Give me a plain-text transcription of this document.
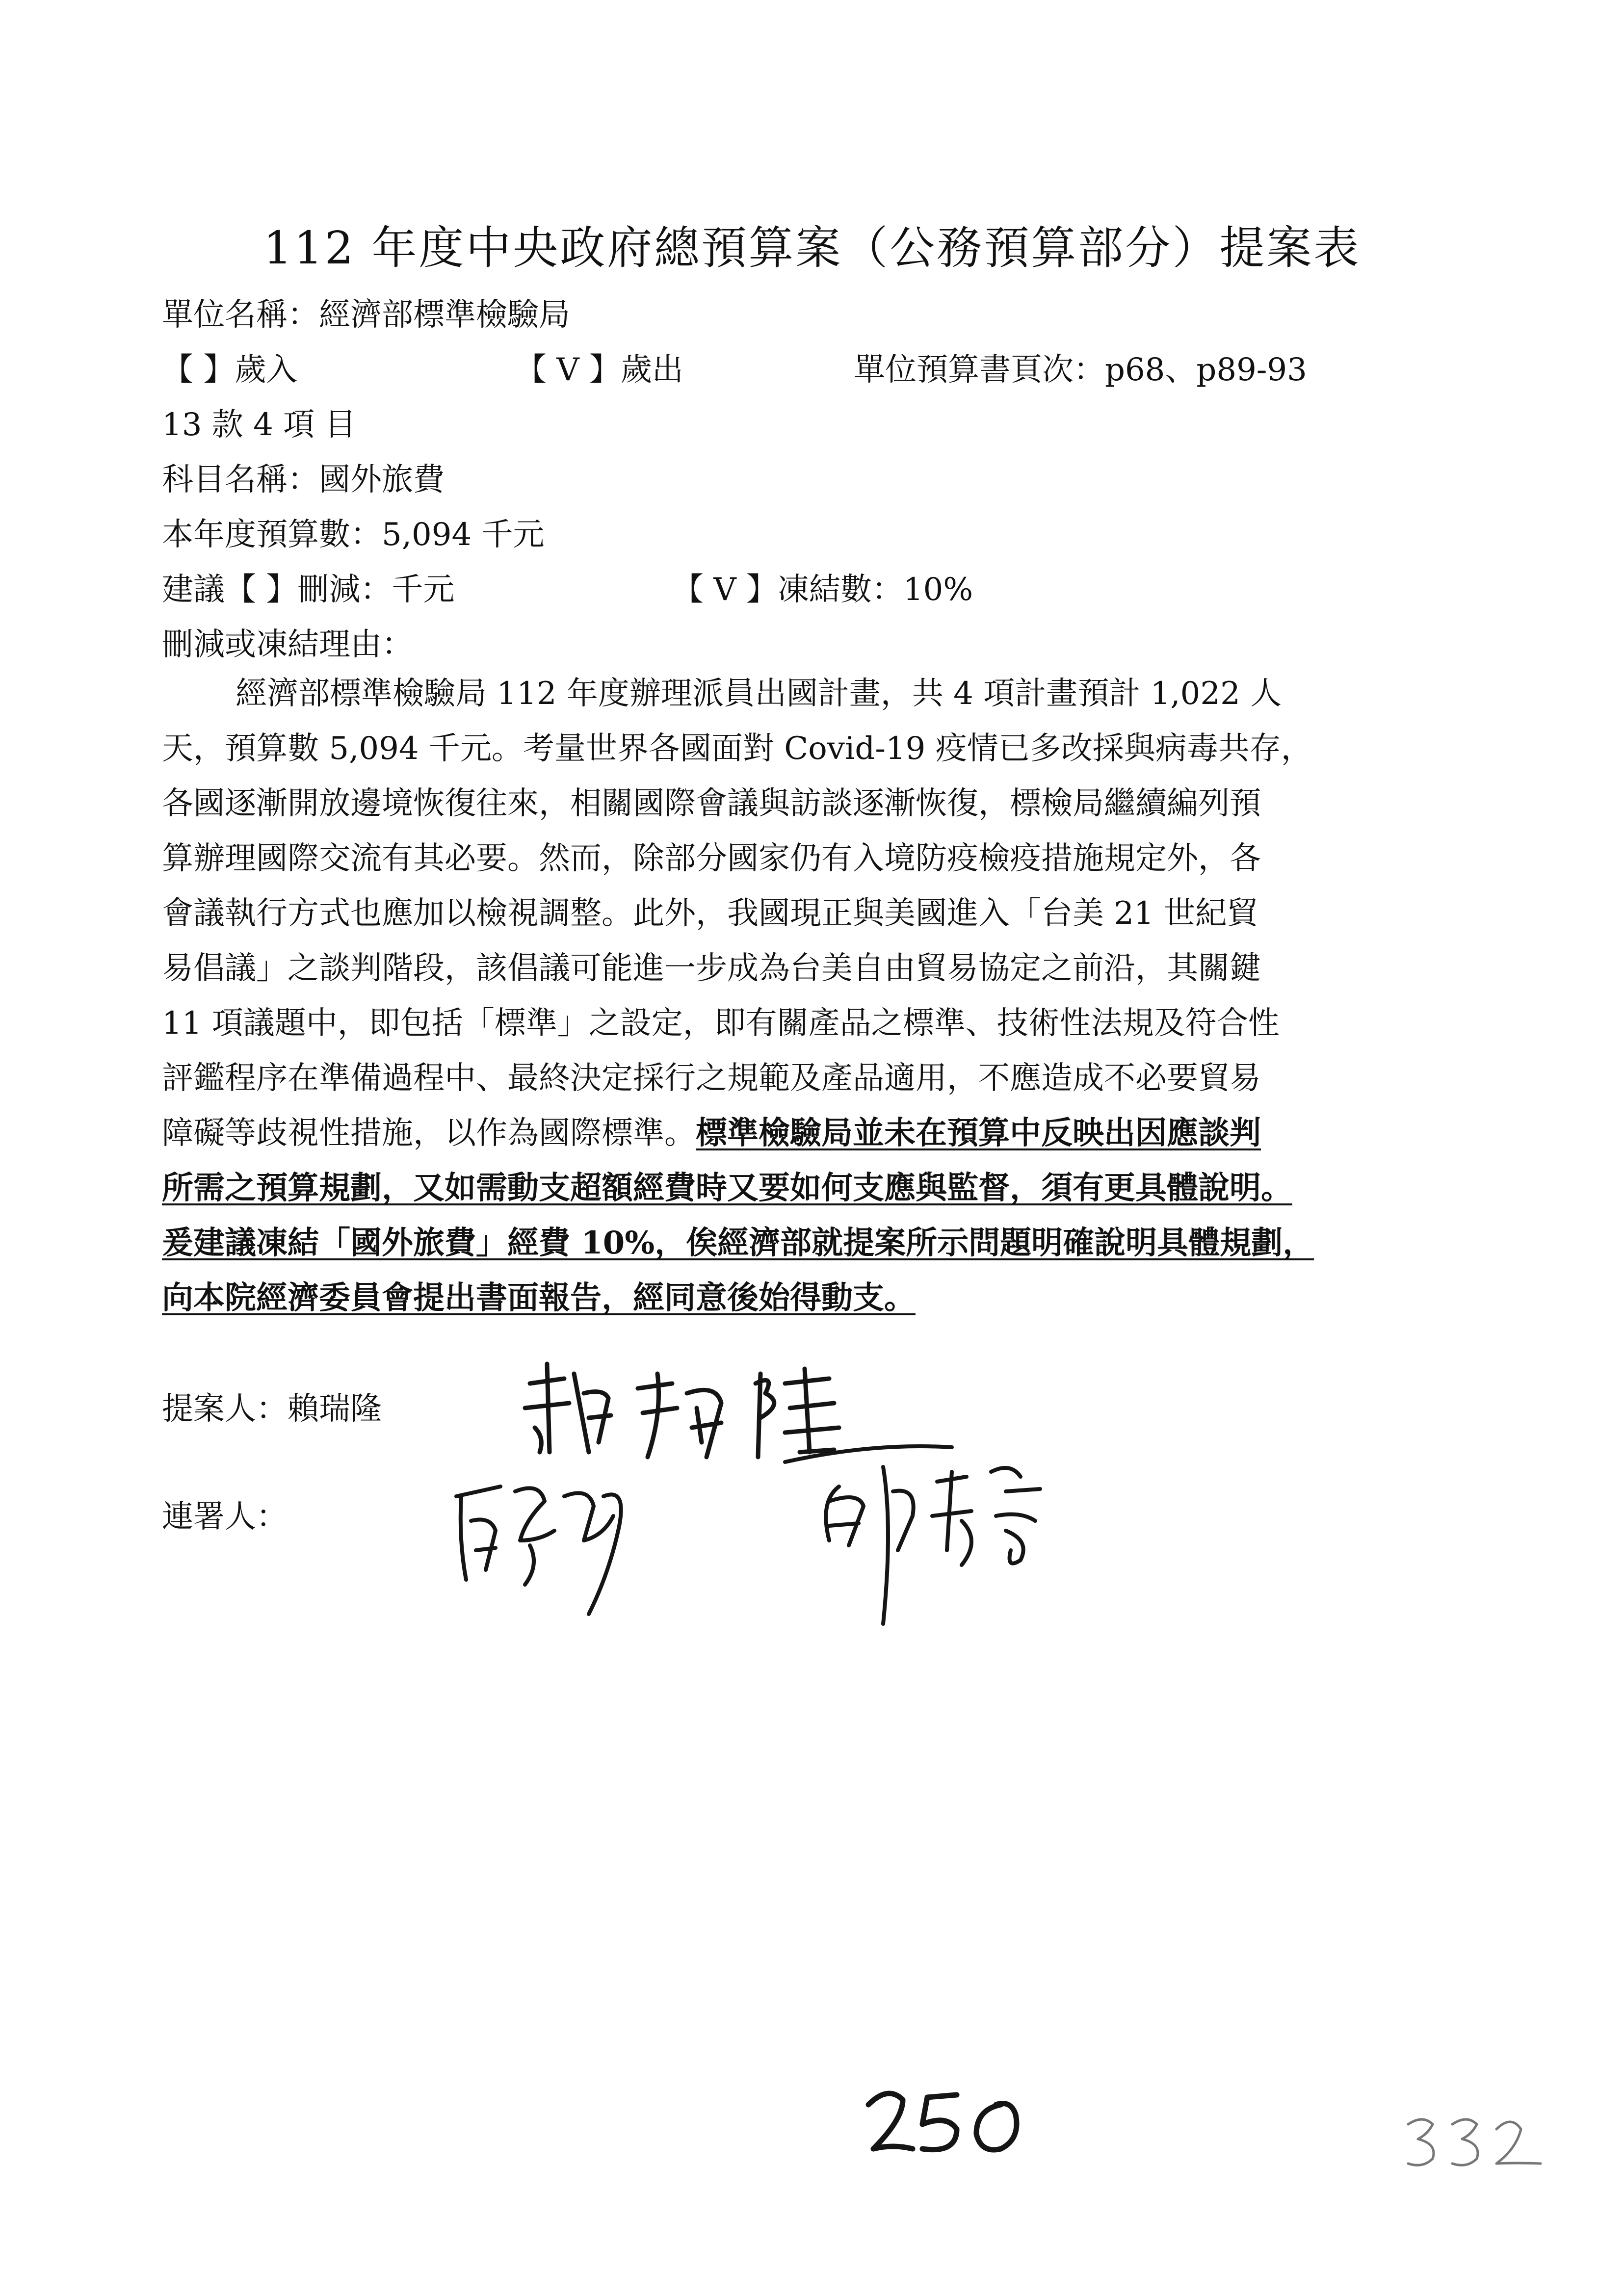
112 年度中央政府總預算案（公務預算部分）提案表

單位名稱：經濟部標準檢驗局

【 】歲入	【 V 】歲出	單位預算書頁次：p68、p89-93

13 款 4 項 目

科目名稱：國外旅費

本年度預算數：5,094 千元

建議【 】刪減：千元	【 V 】凍結數：10%

刪減或凍結理由：

經濟部標準檢驗局 112 年度辦理派員出國計畫，共 4 項計畫預計 1,022 人
天，預算數 5,094 千元。考量世界各國面對 Covid-19 疫情已多改採與病毒共存，
各國逐漸開放邊境恢復往來，相關國際會議與訪談逐漸恢復，標檢局繼續編列預
算辦理國際交流有其必要。然而，除部分國家仍有入境防疫檢疫措施規定外，各
會議執行方式也應加以檢視調整。此外，我國現正與美國進入「台美 21 世紀貿
易倡議」之談判階段，該倡議可能進一步成為台美自由貿易協定之前沿，其關鍵
11 項議題中，即包括「標準」之設定，即有關產品之標準、技術性法規及符合性
評鑑程序在準備過程中、最終決定採行之規範及產品適用，不應造成不必要貿易
障礙等歧視性措施，以作為國際標準。標準檢驗局並未在預算中反映出因應談判
所需之預算規劃，又如需動支超額經費時又要如何支應與監督，須有更具體說明。
爰建議凍結「國外旅費」經費 10%，俟經濟部就提案所示問題明確說明具體規劃，
向本院經濟委員會提出書面報告，經同意後始得動支。

提案人：賴瑞隆

連署人：
